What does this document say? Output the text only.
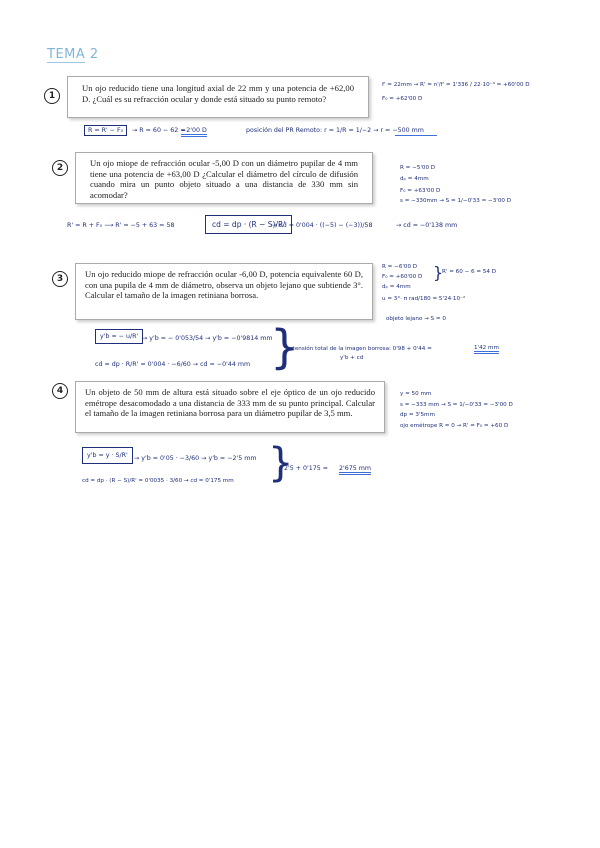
TEMA 2
1
Un ojo reducido tiene una longitud axial de 22 mm y una potencia de +62,00 D. ¿Cuál es su refracción ocular y donde está situado su punto remoto?
f' = 22mm → R' = n'/f' = 1'336 / 22·10⁻³ = +60'00 D
F₀ = +62'00 D
R = R' − F₀	→ R = 60 − 62 =
−2'00 D	posición del PR Remoto: r = 1/R = 1/−2 → r = −500 mm
2	Un ojo miope de refracción ocular -5,00 D con un diámetro pupilar de 4 mm tiene una potencia de +63,00 D ¿Calcular el diámetro del círculo de difusión cuando mira un punto objeto situado a una distancia de 330 mm sin acomodar?
R = −5'00 D
dₚ = 4mm
F₀ = +63'00 D
s = −330mm → S = 1/−0'33 = −3'00 D
R' = R + F₀ ⟶ R' = −5 + 63 = 58	cd = dp · (R − S)/R'
→ cd = 0'004 · ((−5) − (−3))/58	→ cd = −0'138 mm
3	Un ojo reducido miope de refracción ocular -6,00 D, potencia equivalente 60 D, con una pupila de 4 mm de diámetro, observa un objeto lejano que subtiende 3°. Calcular el tamaño de la imagen retiniana borrosa.
R = −6'00 D
F₀ = +60'00 D }
R' = 60 − 6 = 54 D
dₚ = 4mm
u = 3°· π rad/180 = 5'24·10⁻²
objeto lejano → S = 0
y'b = − u/R' → y'b = − 0'053/54 → y'b = −0'9814 mm
cd = dp · R/R' = 0'004 · −6/60 → cd = −0'44 mm }
extensión total de la imagen borrosa: 0'98 + 0'44 =	1'42 mm
y'b + cd
4	Un objeto de 50 mm de altura está situado sobre el eje óptico de un ojo reducido emétrope desacomodado a una distancia de 333 mm de su punto principal. Calcular el tamaño de la imagen retiniana borrosa para un diámetro pupilar de 3,5 mm.
y = 50 mm
s = −333 mm → S = 1/−0'33 = −3'00 D
dp = 3'5mm
ojo emétrope R = 0 → R' = F₀ = +60 D
y'b = y · S/R' → y'b = 0'05 · −3/60 → y'b = −2'5 mm
cd = dp · (R − S)/R' = 0'0035 · 3/60 → cd = 0'175 mm }
2'5 + 0'175 = 2'675 mm
